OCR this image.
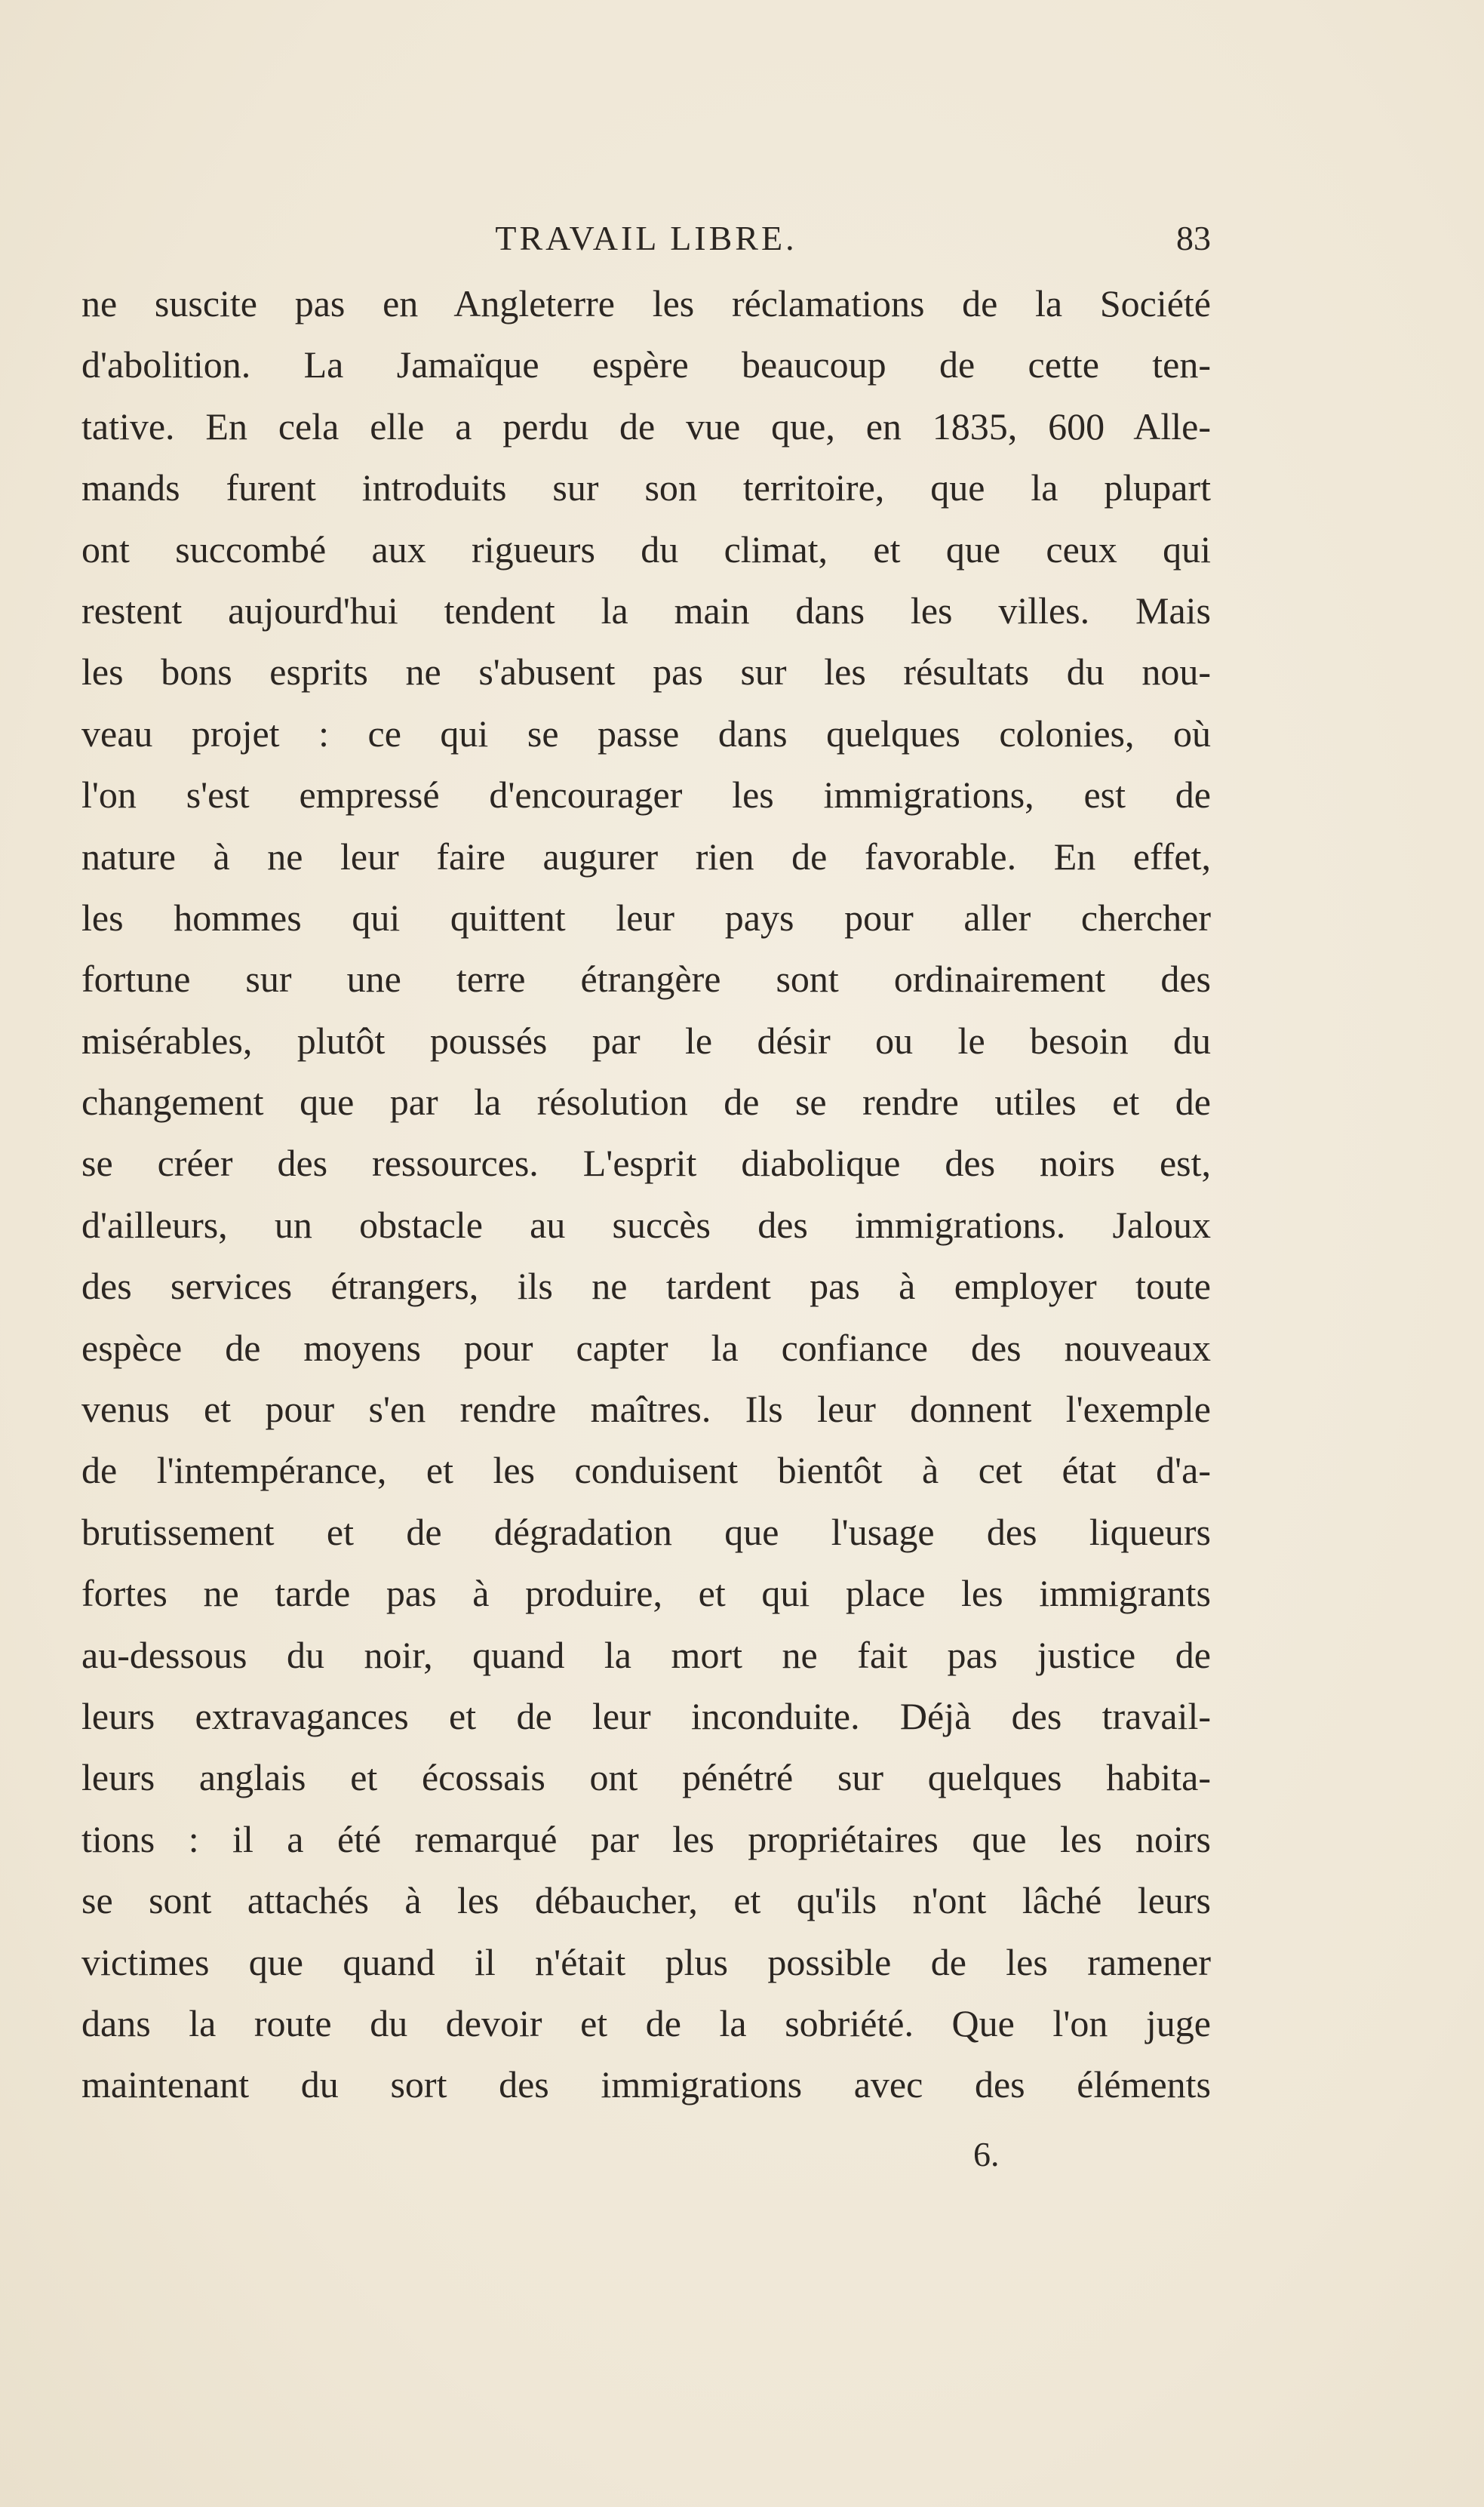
TRAVAIL LIBRE.	83
ne suscite pas en Angleterre les réclamations de la Société
d'abolition. La Jamaïque espère beaucoup de cette ten-
tative. En cela elle a perdu de vue que, en 1835, 600 Alle-
mands furent introduits sur son territoire, que la plupart
ont succombé aux rigueurs du climat, et que ceux qui
restent aujourd'hui tendent la main dans les villes. Mais
les bons esprits ne s'abusent pas sur les résultats du nou-
veau projet : ce qui se passe dans quelques colonies, où
l'on s'est empressé d'encourager les immigrations, est de
nature à ne leur faire augurer rien de favorable. En effet,
les hommes qui quittent leur pays pour aller chercher
fortune sur une terre étrangère sont ordinairement des
misérables, plutôt poussés par le désir ou le besoin du
changement que par la résolution de se rendre utiles et de
se créer des ressources. L'esprit diabolique des noirs est,
d'ailleurs, un obstacle au succès des immigrations. Jaloux
des services étrangers, ils ne tardent pas à employer toute
espèce de moyens pour capter la confiance des nouveaux
venus et pour s'en rendre maîtres. Ils leur donnent l'exemple
de l'intempérance, et les conduisent bientôt à cet état d'a-
brutissement et de dégradation que l'usage des liqueurs
fortes ne tarde pas à produire, et qui place les immigrants
au-dessous du noir, quand la mort ne fait pas justice de
leurs extravagances et de leur inconduite. Déjà des travail-
leurs anglais et écossais ont pénétré sur quelques habita-
tions : il a été remarqué par les propriétaires que les noirs
se sont attachés à les débaucher, et qu'ils n'ont lâché leurs
victimes que quand il n'était plus possible de les ramener
dans la route du devoir et de la sobriété. Que l'on juge
maintenant du sort des immigrations avec des éléments
6.
